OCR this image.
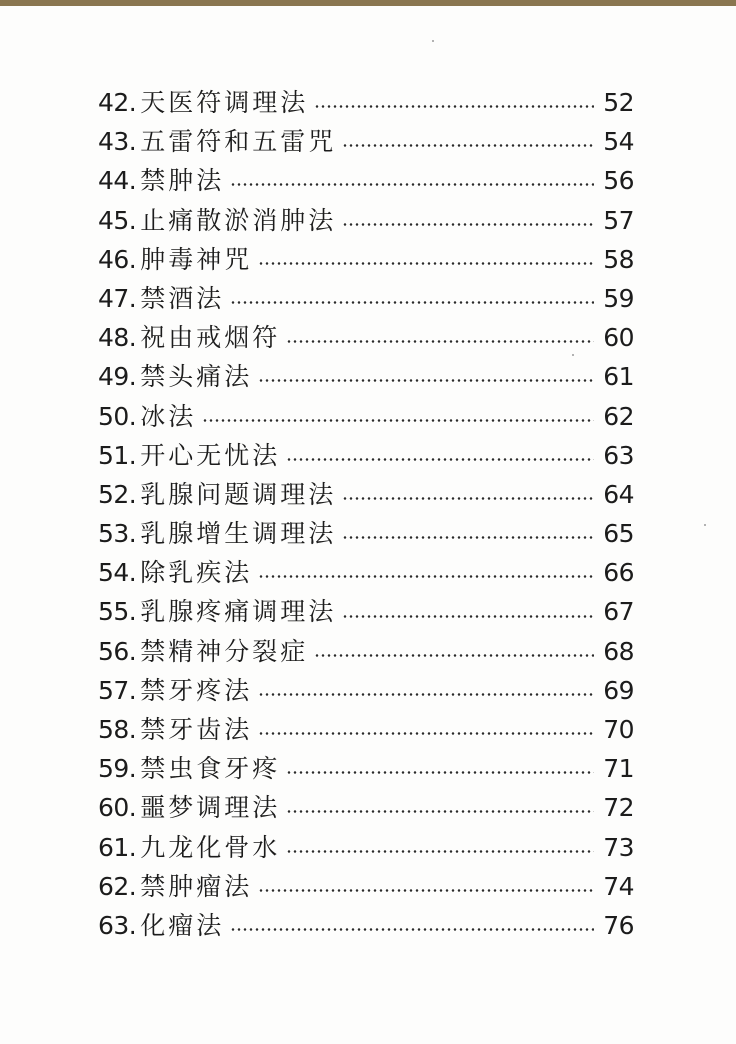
42. 天医符调理法	52
43. 五雷符和五雷咒	54
44. 禁肿法	56
45. 止痛散淤消肿法	57
46. 肿毒神咒	58
47. 禁酒法	59
48. 祝由戒烟符	60
49. 禁头痛法	61
50. 冰法	62
51. 开心无忧法	63
52. 乳腺问题调理法	64
53. 乳腺增生调理法	65
54. 除乳疾法	66
55. 乳腺疼痛调理法	67
56. 禁精神分裂症	68
57. 禁牙疼法	69
58. 禁牙齿法	70
59. 禁虫食牙疼	71
60. 噩梦调理法	72
61. 九龙化骨水	73
62. 禁肿瘤法	74
63. 化瘤法	76
